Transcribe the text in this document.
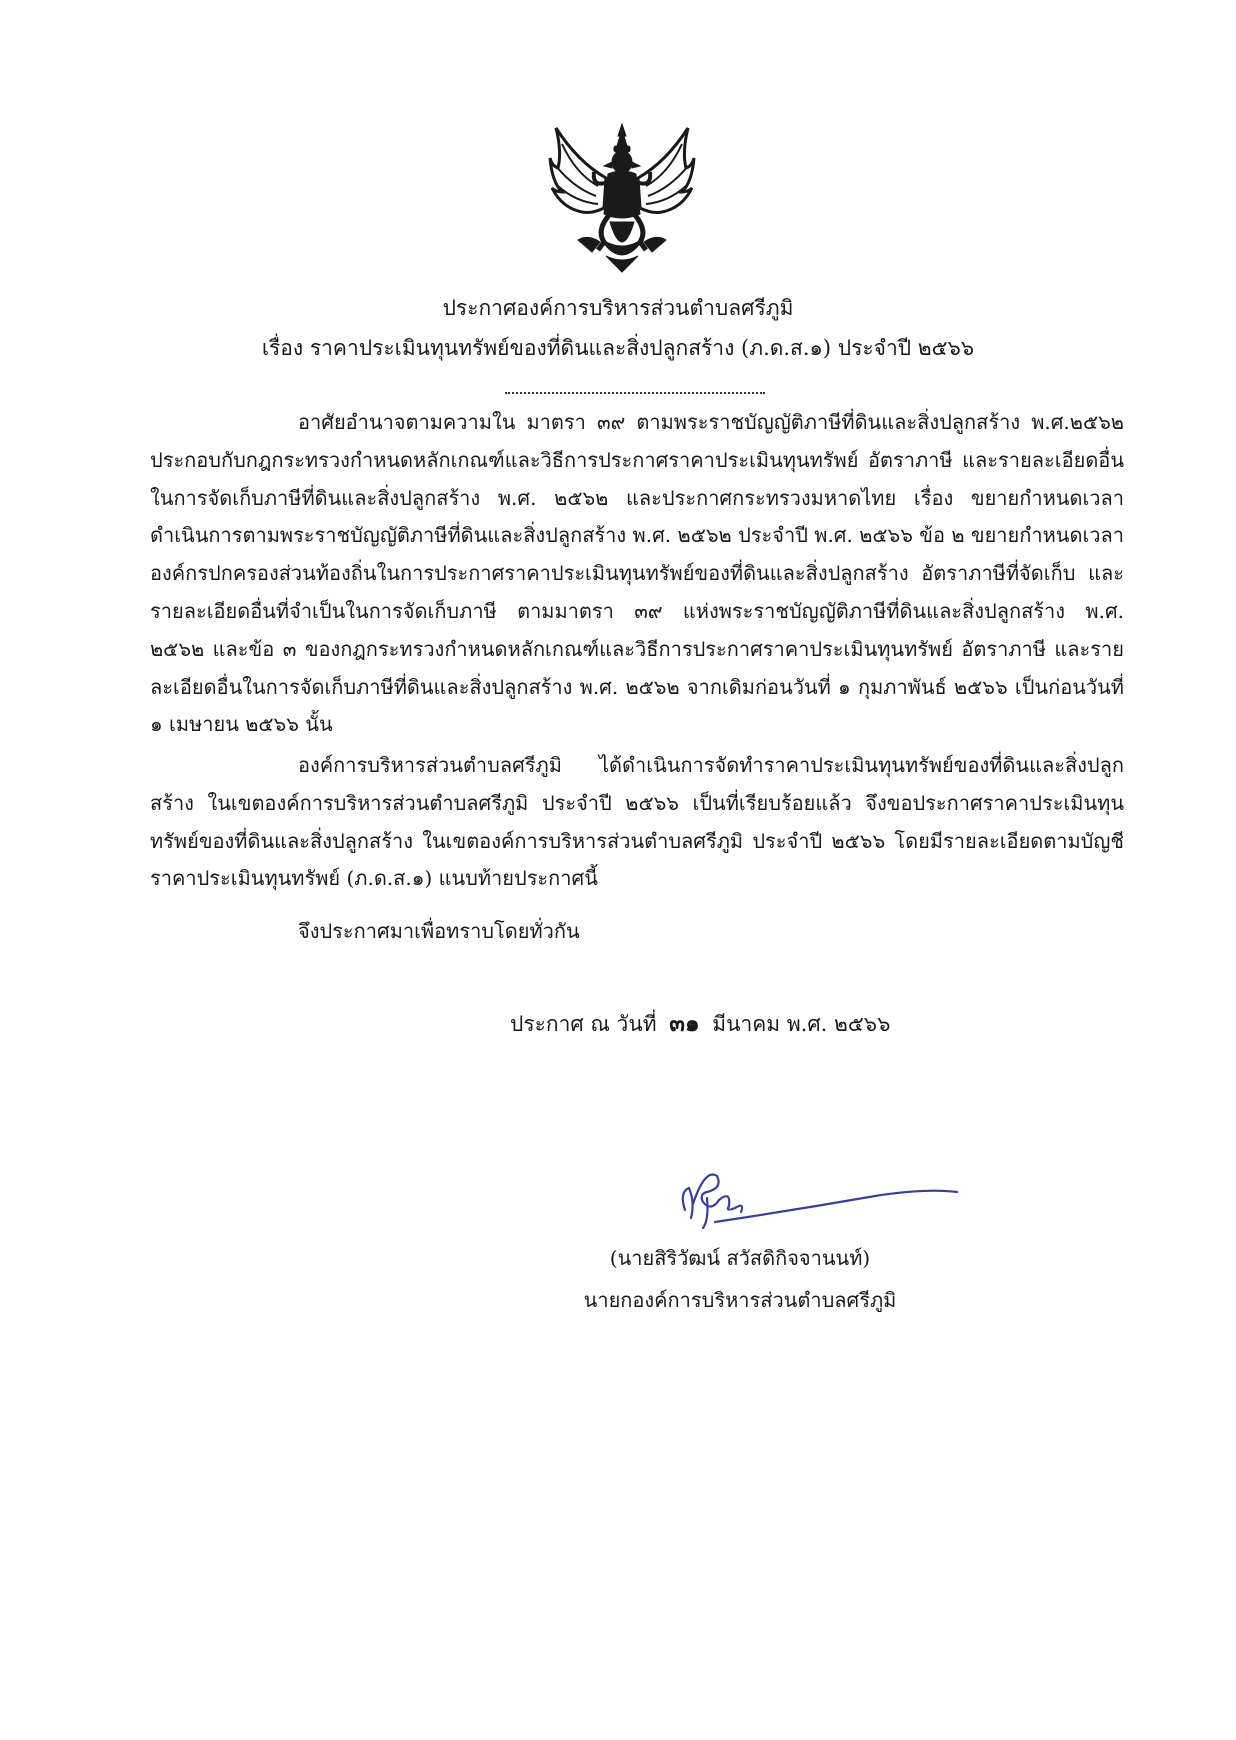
ประกาศองค์การบริหารส่วนตำบลศรีภูมิ
เรื่อง ราคาประเมินทุนทรัพย์ของที่ดินและสิ่งปลูกสร้าง (ภ.ด.ส.๑) ประจำปี ๒๕๖๖

อาศัยอำนาจตามความใน มาตรา ๓๙ ตามพระราชบัญญัติภาษีที่ดินและสิ่งปลูกสร้าง พ.ศ.๒๕๖๒ ประกอบกับกฎกระทรวงกำหนดหลักเกณฑ์และวิธีการประกาศราคาประเมินทุนทรัพย์ อัตราภาษี และรายละเอียดอื่นในการจัดเก็บภาษีที่ดินและสิ่งปลูกสร้าง พ.ศ. ๒๕๖๒ และประกาศกระทรวงมหาดไทย เรื่อง ขยายกำหนดเวลาดำเนินการตามพระราชบัญญัติภาษีที่ดินและสิ่งปลูกสร้าง พ.ศ. ๒๕๖๒ ประจำปี พ.ศ. ๒๕๖๖ ข้อ ๒ ขยายกำหนดเวลาองค์กรปกครองส่วนท้องถิ่นในการประกาศราคาประเมินทุนทรัพย์ของที่ดินและสิ่งปลูกสร้าง อัตราภาษีที่จัดเก็บ และรายละเอียดอื่นที่จำเป็นในการจัดเก็บภาษี ตามมาตรา ๓๙ แห่งพระราชบัญญัติภาษีที่ดินและสิ่งปลูกสร้าง พ.ศ. ๒๕๖๒ และข้อ ๓ ของกฎกระทรวงกำหนดหลักเกณฑ์และวิธีการประกาศราคาประเมินทุนทรัพย์ อัตราภาษี และรายละเอียดอื่นในการจัดเก็บภาษีที่ดินและสิ่งปลูกสร้าง พ.ศ. ๒๕๖๒ จากเดิมก่อนวันที่ ๑ กุมภาพันธ์ ๒๕๖๖ เป็นก่อนวันที่ ๑ เมษายน ๒๕๖๖ นั้น

องค์การบริหารส่วนตำบลศรีภูมิ ได้ดำเนินการจัดทำราคาประเมินทุนทรัพย์ของที่ดินและสิ่งปลูกสร้าง ในเขตองค์การบริหารส่วนตำบลศรีภูมิ ประจำปี ๒๕๖๖ เป็นที่เรียบร้อยแล้ว จึงขอประกาศราคาประเมินทุนทรัพย์ของที่ดินและสิ่งปลูกสร้าง ในเขตองค์การบริหารส่วนตำบลศรีภูมิ ประจำปี ๒๕๖๖ โดยมีรายละเอียดตามบัญชีราคาประเมินทุนทรัพย์ (ภ.ด.ส.๑) แนบท้ายประกาศนี้

จึงประกาศมาเพื่อทราบโดยทั่วกัน

ประกาศ ณ วันที่ ๓๑ มีนาคม พ.ศ. ๒๕๖๖
(นายสิริวัฒน์ สวัสดิกิจจานนท์)
นายกองค์การบริหารส่วนตำบลศรีภูมิ
